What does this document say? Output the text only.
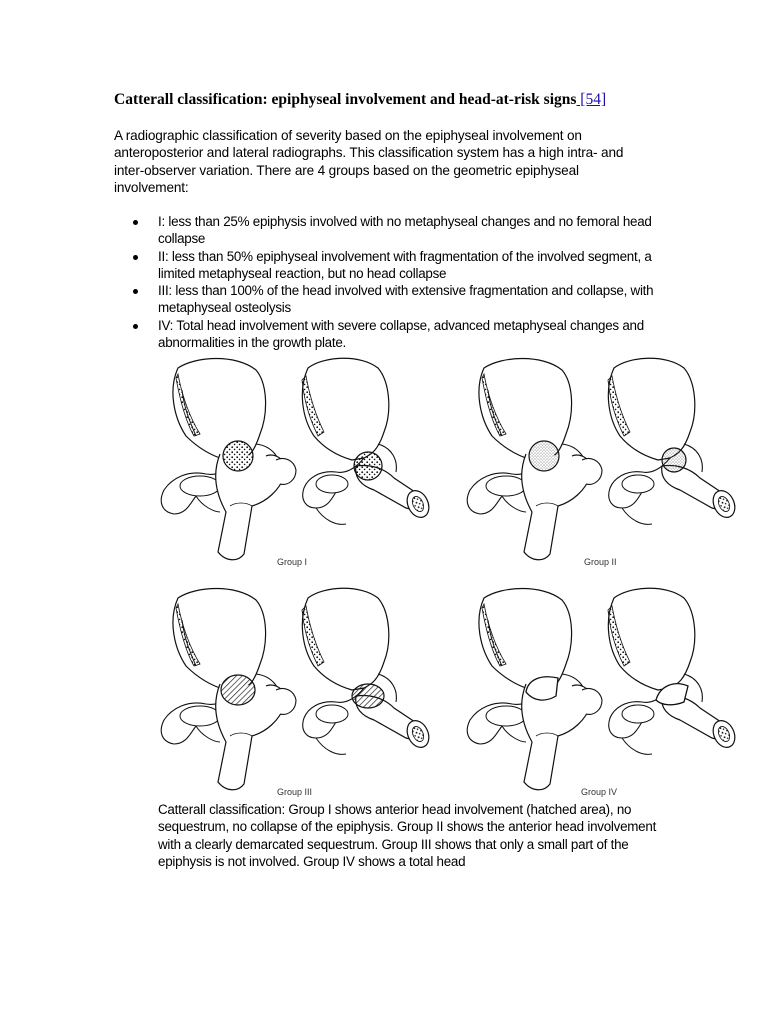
Catterall classification: epiphyseal involvement and head-at-risk signs [54]
A radiographic classification of severity based on the epiphyseal involvement on anteroposterior and lateral radiographs. This classification system has a high intra- and inter-observer variation. There are 4 groups based on the geometric epiphyseal involvement:
I: less than 25% epiphysis involved with no metaphyseal changes and no femoral head collapse
II: less than 50% epiphyseal involvement with fragmentation of the involved segment, a limited metaphyseal reaction, but no head collapse
III: less than 100% of the head involved with extensive fragmentation and collapse, with metaphyseal osteolysis
IV: Total head involvement with severe collapse, advanced metaphyseal changes and abnormalities in the growth plate.
Group I	Group II
Group III	Group IV
Catterall classification: Group I shows anterior head involvement (hatched area), no sequestrum, no collapse of the epiphysis. Group II shows the anterior head involvement with a clearly demarcated sequestrum. Group III shows that only a small part of the epiphysis is not involved. Group IV shows a total head
